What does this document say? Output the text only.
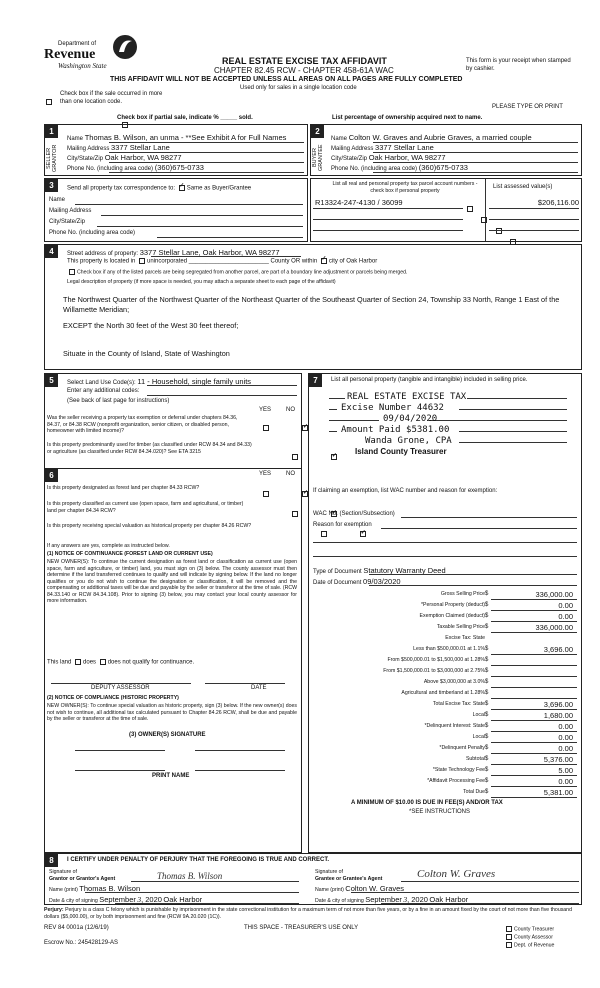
Department of
Revenue
Washington State	REAL ESTATE EXCISE TAX AFFIDAVIT
CHAPTER 82.45 RCW - CHAPTER 458-61A WAC
This form is your receipt when stamped by cashier.
THIS AFFIDAVIT WILL NOT BE ACCEPTED UNLESS ALL AREAS ON ALL PAGES ARE FULLY COMPLETED
Used only for sales in a single location code

Check box if the sale occurred in more than one location code.
PLEASE TYPE OR PRINT
Check box if partial sale, indicate % _____ sold.	List percentage of ownership acquired next to name.
1
SELLER GRANTOR
Name Thomas B. Wilson, an unma - **See Exhibit A for Full Names
Mailing Address 3377 Stellar Lane
City/State/Zip Oak Harbor, WA 98277
Phone No. (including area code) (360)675-0733
2
BUYER GRANTEE
Name Colton W. Graves and Aubrie Graves, a married couple
Mailing Address 3377 Stellar Lane
City/State/Zip Oak Harbor, WA 98277
Phone No. (including area code) (360)675-0733
3	Send all property tax correspondence to: ✓ Same as Buyer/Grantee
Name
Mailing Address
City/State/Zip
Phone No. (including area code)
List all real and personal property tax parcel account numbers - check box if personal property
List assessed value(s)
R13324-247-4130 / 36099	$206,116.00

4	Street address of property: 3377 Stellar Lane, Oak Harbor, WA 98277
This property is located in unincorporated ________________________ County OR within ✓ city of Oak Harbor
Check box if any of the listed parcels are being segregated from another parcel, are part of a boundary line adjustment or parcels being merged.
Legal description of property (if more space is needed, you may attach a separate sheet to each page of the affidavit)
The Northwest Quarter of the Northwest Quarter of the Northeast Quarter of the Southeast Quarter of Section 24, Township 33 North, Range 1 East of the Willamette Meridian;
EXCEPT the North 30 feet of the West 30 feet thereof;
Situate in the County of Island, State of Washington
5	Select Land Use Code(s): 11 - Household, single family units
Enter any additional codes:
(See back of last page for instructions)
YES NO
Was the seller receiving a property tax exemption or deferral under chapters 84.36, 84.37, or 84.38 RCW (nonprofit organization, senior citizen, or disabled person, homeowner with limited income)?
✓
Is this property predominantly used for timber (as classified under RCW 84.34 and 84.33) or agriculture (as classified under RCW 84.34.020)? See ETA 3215
✓
6	YES NO
Is this property designated as forest land per chapter 84.33 RCW?
✓
Is this property classified as current use (open space, farm and agricultural, or timber) land per chapter 84.34 RCW?
✓
Is this property receiving special valuation as historical property per chapter 84.26 RCW?
✓
If any answers are yes, complete as instructed below.
(1) NOTICE OF CONTINUANCE (FOREST LAND OR CURRENT USE)
NEW OWNER(S): To continue the current designation as forest land or classification as current use (open space, farm and agriculture, or timber) land, you must sign on (3) below. The county assessor must then determine if the land transferred continues to qualify and will indicate by signing below. If the land no longer qualifies or you do not wish to continue the designation or classification, it will be removed and the compensating or additional taxes will be due and payable by the seller or transferor at the time of sale. (RCW 84.33.140 or RCW 84.34.108). Prior to signing (3) below, you may contact your local county assessor for more information.
This land does does not qualify for continuance.
DEPUTY ASSESSOR	DATE
(2) NOTICE OF COMPLIANCE (HISTORIC PROPERTY)
NEW OWNER(S): To continue special valuation as historic property, sign (3) below. If the new owner(s) does not wish to continue, all additional tax calculated pursuant to Chapter 84.26 RCW, shall be due and payable by the seller or transferor at the time of sale.
(3) OWNER(S) SIGNATURE
PRINT NAME
7	List all personal property (tangible and intangible) included in selling price.
REAL ESTATE EXCISE TAX
Excise Number 44632
09/04/2020
Amount Paid $5381.00
Wanda Grone, CPA
Island County Treasurer
If claiming an exemption, list WAC number and reason for exemption:
WAC No. (Section/Subsection)
Reason for exemption
Type of Document Statutory Warranty Deed
Date of Document 09/03/2020
Gross Selling Price $	336,000.00
*Personal Property (deduct) $	0.00
Exemption Claimed (deduct) $	0.00
Taxable Selling Price $	336,000.00
Excise Tax: State
Less than $500,000.01 at 1.1% $	3,696.00
From $500,000.01 to $1,500,000 at 1.28% $
From $1,500,000.01 to $3,000,000 at 2.75% $
Above $3,000,000 at 3.0% $
Agricultural and timberland at 1.28% $
Total Excise Tax: State $	3,696.00
Local $	1,680.00
*Delinquent Interest: State $	0.00
Local $	0.00
*Delinquent Penalty $	0.00
Subtotal $	5,376.00
*State Technology Fee $	5.00
*Affidavit Processing Fee $	0.00
Total Due $	5,381.00
A MINIMUM OF $10.00 IS DUE IN FEE(S) AND/OR TAX
*SEE INSTRUCTIONS
8	I CERTIFY UNDER PENALTY OF PERJURY THAT THE FOREGOING IS TRUE AND CORRECT.
Signature of
Grantor or Grantor's Agent	Thomas B. Wilson	Signature of
Grantee or Grantee's Agent	Colton W. Graves
Name (print) Thomas B. Wilson	Name (print) Colton W. Graves
Date & city of signing September 3, 2020 Oak Harbor	Date & city of signing September 3, 2020 Oak Harbor
Perjury: Perjury is a class C felony which is punishable by imprisonment in the state correctional institution for a maximum term of not more than five years, or by a fine in an amount fixed by the court of not more than five thousand dollars ($5,000.00), or by both imprisonment and fine (RCW 9A.20.020 (1C)).
REV 84 0001a (12/6/19)	THIS SPACE - TREASURER'S USE ONLY
Escrow No.: 245428129-AS
County Treasurer
County Assessor
Dept. of Revenue
